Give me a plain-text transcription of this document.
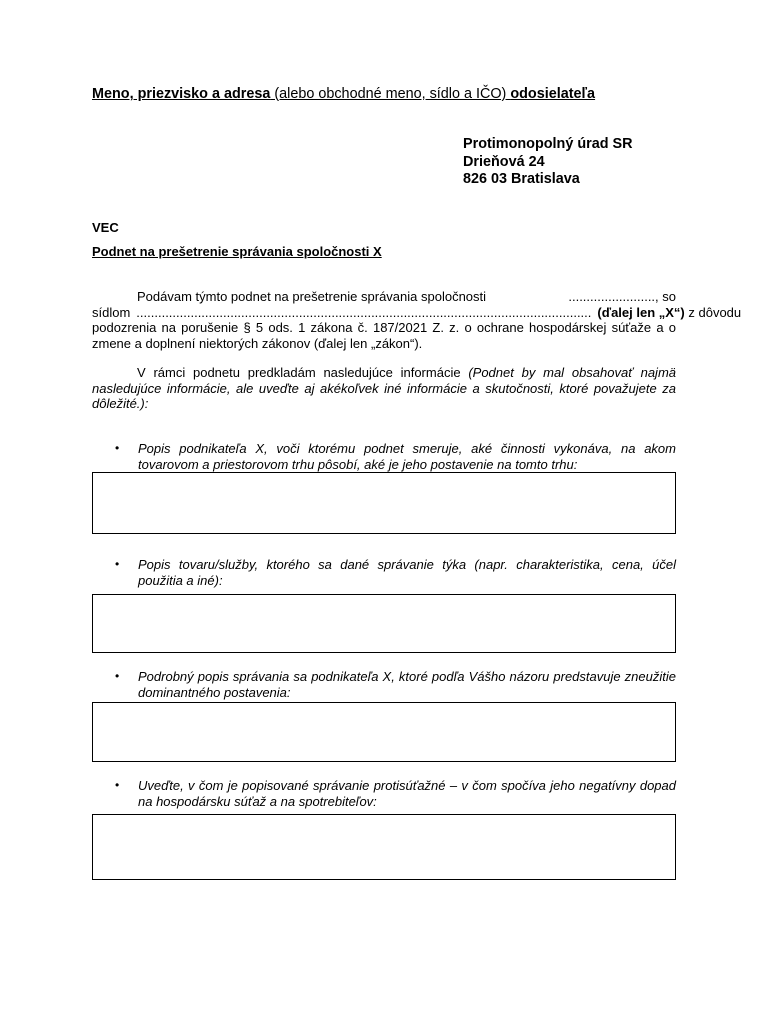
Meno, priezvisko a adresa (alebo obchodné meno, sídlo a IČO) odosielateľa
Protimonopolný úrad SR
Drieňová 24
826 03 Bratislava
VEC
Podnet na prešetrenie správania spoločnosti X
Podávam týmto podnet na prešetrenie správania spoločnosti	........................, so
sídlom .............................................................................................................................. (ďalej len „X“) z dôvodu
podozrenia na porušenie § 5 ods. 1 zákona č. 187/2021 Z. z. o ochrane hospodárskej súťaže a o zmene a doplnení niektorých zákonov (ďalej len „zákon“).
V rámci podnetu predkladám nasledujúce informácie (Podnet by mal obsahovať najmä nasledujúce informácie, ale uveďte aj akékoľvek iné informácie a skutočnosti, ktoré považujete za dôležité.):
• Popis podnikateľa X, voči ktorému podnet smeruje, aké činnosti vykonáva, na akom tovarovom a priestorovom trhu pôsobí, aké je jeho postavenie na tomto trhu:
• Popis tovaru/služby, ktorého sa dané správanie týka (napr. charakteristika, cena, účel použitia a iné):
• Podrobný popis správania sa podnikateľa X, ktoré podľa Vášho názoru predstavuje zneužitie dominantného postavenia:
• Uveďte, v čom je popisované správanie protisúťažné – v čom spočíva jeho negatívny dopad na hospodársku súťaž a na spotrebiteľov:
